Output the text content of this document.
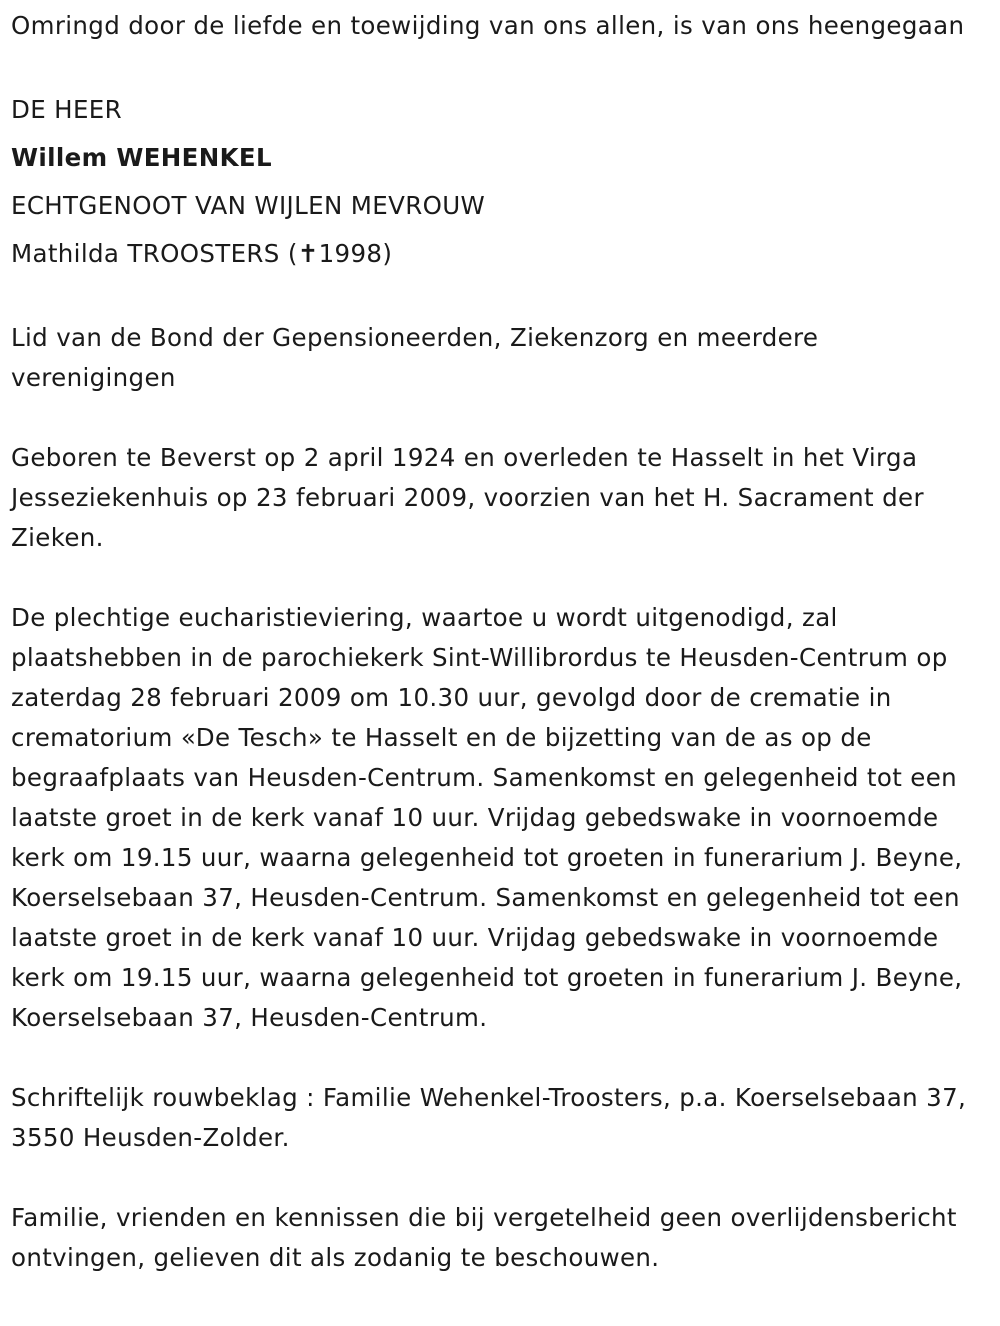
Omringd door de liefde en toewijding van ons allen, is van ons heengegaan

DE HEER

Willem WEHENKEL

ECHTGENOOT VAN WIJLEN MEVROUW

Mathilda TROOSTERS (✝1998)

Lid van de Bond der Gepensioneerden, Ziekenzorg en meerdere verenigingen

Geboren te Beverst op 2 april 1924 en overleden te Hasselt in het Virga Jesseziekenhuis op 23 februari 2009, voorzien van het H. Sacrament der Zieken.

De plechtige eucharistieviering, waartoe u wordt uitgenodigd, zal plaatshebben in de parochiekerk Sint-Willibrordus te Heusden-Centrum op zaterdag 28 februari 2009 om 10.30 uur, gevolgd door de crematie in crematorium «De Tesch» te Hasselt en de bijzetting van de as op de begraafplaats van Heusden-Centrum. Samenkomst en gelegenheid tot een laatste groet in de kerk vanaf 10 uur. Vrijdag gebedswake in voornoemde kerk om 19.15 uur, waarna gelegenheid tot groeten in funerarium J. Beyne, Koerselsebaan 37, Heusden-Centrum. Samenkomst en gelegenheid tot een laatste groet in de kerk vanaf 10 uur. Vrijdag gebedswake in voornoemde kerk om 19.15 uur, waarna gelegenheid tot groeten in funerarium J. Beyne, Koerselsebaan 37, Heusden-Centrum.

Schriftelijk rouwbeklag : Familie Wehenkel-Troosters, p.a. Koerselsebaan 37, 3550 Heusden-Zolder.

Familie, vrienden en kennissen die bij vergetelheid geen overlijdensbericht ontvingen, gelieven dit als zodanig te beschouwen.
